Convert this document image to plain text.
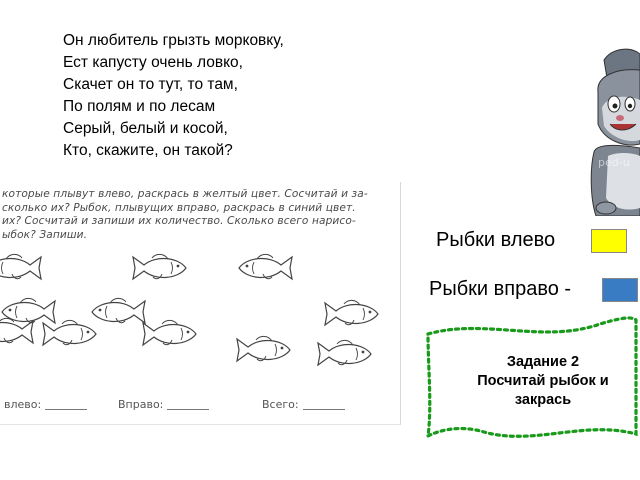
Он любитель грызть морковку,
Ест капусту очень ловко,
Скачет он то тут, то там,
По полям и по лесам
Серый, белый и косой,
Кто, скажите, он такой?
которые плывут влево, раскрась в желтый цвет. Сосчитай и за-
сколько их? Рыбок, плывущих вправо, раскрась в синий цвет.
их? Сосчитай и запиши их количество. Сколько всего нарисо-
ыбок? Запиши.
влево:	Вправо:	Всего:
ped-u
Рыбки влево
Рыбки вправо -
Задание 2
Посчитай рыбок и
закрась
